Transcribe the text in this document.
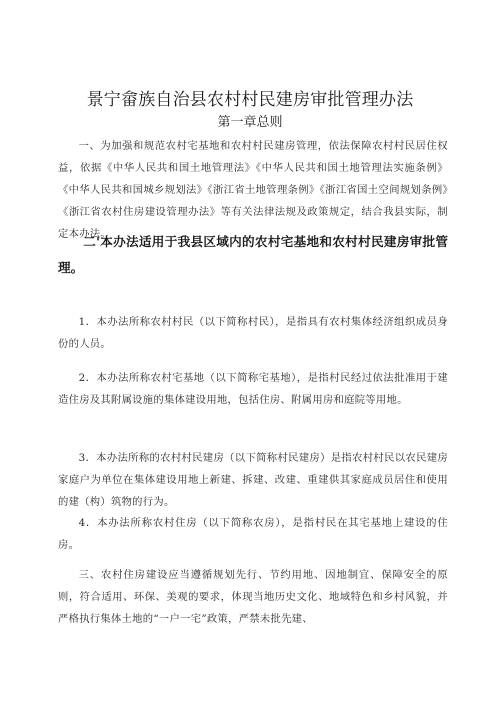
景宁畲族自治县农村村民建房审批管理办法
第一章总则
一、为加强和规范农村宅基地和农村村民建房管理，依法保障农村村民居住权益，依据《中华人民共和国土地管理法》《中华人民共和国土地管理法实施条例》《中华人民共和国城乡规划法》《浙江省土地管理条例》《浙江省国土空间规划条例》《浙江省农村住房建设管理办法》等有关法律法规及政策规定，结合我县实际，制定本办法。
二'本办法适用于我县区域内的农村宅基地和农村村民建房审批管理。
1．本办法所称农村村民（以下简称村民），是指具有农村集体经济组织成员身份的人员。
2．本办法所称农村宅基地（以下简称宅基地），是指村民经过依法批准用于建造住房及其附属设施的集体建设用地，包括住房、附属用房和庭院等用地。
3．本办法所称的农村村民建房（以下简称村民建房）是指农村村民以农民建房家庭户为单位在集体建设用地上新建、拆建、改建、重建供其家庭成员居住和使用的建（构）筑物的行为。
4．本办法所称农村住房（以下简称农房），是指村民在其宅基地上建设的住房。
三、农村住房建设应当遵循规划先行、节约用地、因地制宜、保障安全的原则，符合适用、环保、美观的要求，体现当地历史文化、地域特色和乡村风貌，并严格执行集体土地的“一户一宅”政策，严禁未批先建、
